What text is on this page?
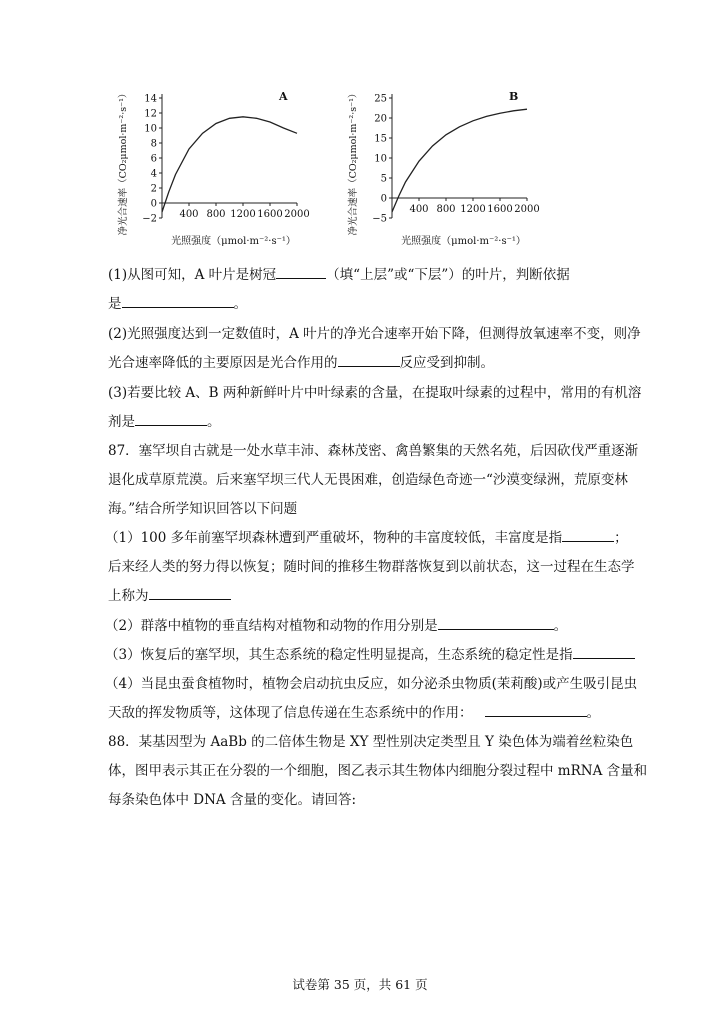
−2
0
2
4
6
8
10
12
14
400 800 1200 1600 2000
A
光照强度（μmol·m⁻²·s⁻¹）
净光合速率（CO₂μmol·m⁻²·s⁻¹）	−5
0
5
10
15
20
25
400 800 1200 1600 2000
B
光照强度（μmol·m⁻²·s⁻¹）
净光合速率（CO₂μmol·m⁻²·s⁻¹）
(1)从图可知，A 叶片是树冠	（填“上层”或“下层”）的叶片，判断依据
是	。
(2)光照强度达到一定数值时，A 叶片的净光合速率开始下降，但测得放氧速率不变，则净
光合速率降低的主要原因是光合作用的	反应受到抑制。
(3)若要比较 A、B 两种新鲜叶片中叶绿素的含量，在提取叶绿素的过程中，常用的有机溶
剂是	。
87．塞罕坝自古就是一处水草丰沛、森林茂密、禽兽繁集的天然名苑，后因砍伐严重逐渐
退化成草原荒漠。后来塞罕坝三代人无畏困难，创造绿色奇迹一“沙漠变绿洲，荒原变林
海。”结合所学知识回答以下问题
（1）100 多年前塞罕坝森林遭到严重破坏，物种的丰富度较低，丰富度是指	；
后来经人类的努力得以恢复；随时间的推移生物群落恢复到以前状态，这一过程在生态学
上称为
（2）群落中植物的垂直结构对植物和动物的作用分别是	。
（3）恢复后的塞罕坝，其生态系统的稳定性明显提高，生态系统的稳定性是指
（4）当昆虫蚕食植物时，植物会启动抗虫反应，如分泌杀虫物质(茉莉酸)或产生吸引昆虫
天敌的挥发物质等，这体现了信息传递在生态系统中的作用：	。
88．某基因型为 AaBb 的二倍体生物是 XY 型性别决定类型且 Y 染色体为端着丝粒染色
体，图甲表示其正在分裂的一个细胞，图乙表示其生物体内细胞分裂过程中 mRNA 含量和
每条染色体中 DNA 含量的变化。请回答:
试卷第 35 页，共 61 页
